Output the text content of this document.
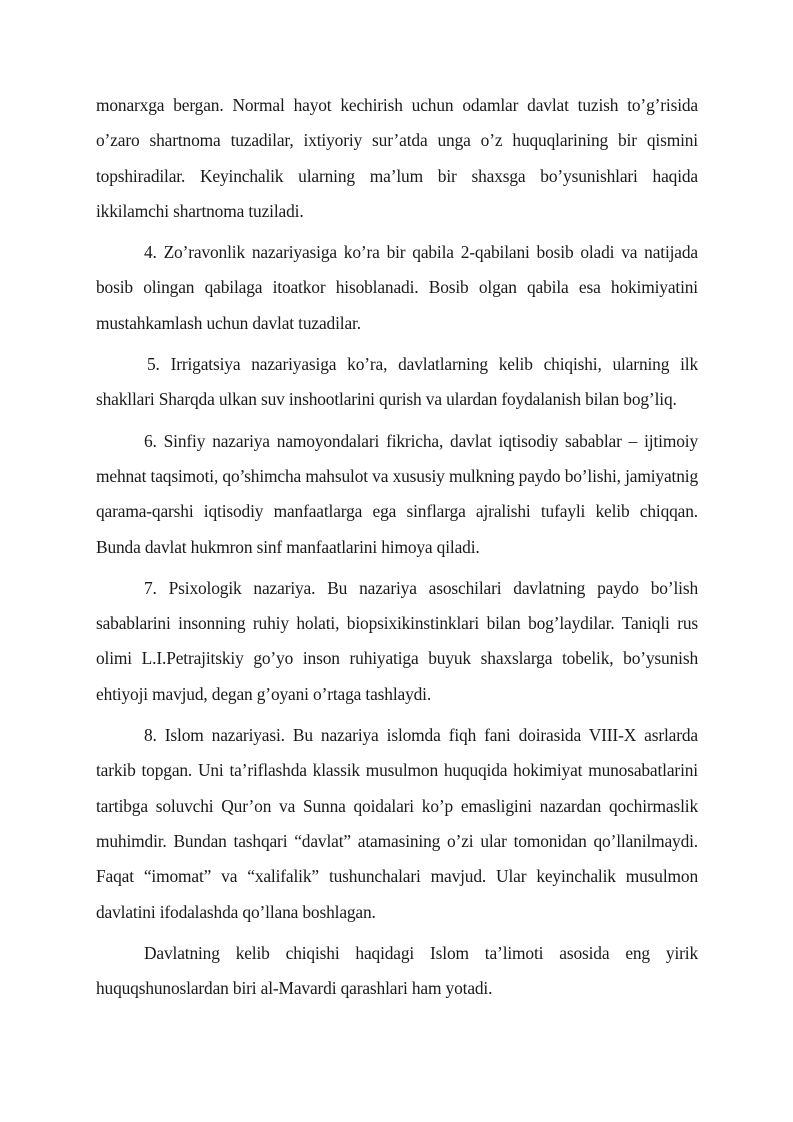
monarxga bergan. Normal hayot kechirish uchun odamlar davlat tuzish to’g’risida o’zaro shartnoma tuzadilar, ixtiyoriy sur’atda unga o’z huquqlarining bir qismini topshiradilar. Keyinchalik ularning ma’lum bir shaxsga bo’ysunishlari haqida ikkilamchi shartnoma tuziladi.

4. Zo’ravonlik nazariyasiga ko’ra bir qabila 2-qabilani bosib oladi va natijada bosib olingan qabilaga itoatkor hisoblanadi. Bosib olgan qabila esa hokimiyatini mustahkamlash uchun davlat tuzadilar.

5. Irrigatsiya nazariyasiga ko’ra, davlatlarning kelib chiqishi, ularning ilk shakllari Sharqda ulkan suv inshootlarini qurish va ulardan foydalanish bilan bog’liq.

6. Sinfiy nazariya namoyondalari fikricha, davlat iqtisodiy sabablar – ijtimoiy mehnat taqsimoti, qo’shimcha mahsulot va xususiy mulkning paydo bo’lishi, jamiyatnig qarama-qarshi iqtisodiy manfaatlarga ega sinflarga ajralishi tufayli kelib chiqqan. Bunda davlat hukmron sinf manfaatlarini himoya qiladi.

7. Psixologik nazariya. Bu nazariya asoschilari davlatning paydo bo’lish sabablarini insonning ruhiy holati, biopsixikinstinklari bilan bog’laydilar. Taniqli rus olimi L.I.Petrajitskiy go’yo inson ruhiyatiga buyuk shaxslarga tobelik, bo’ysunish ehtiyoji mavjud, degan g’oyani o’rtaga tashlaydi.

8. Islom nazariyasi. Bu nazariya islomda fiqh fani doirasida VIII-X asrlarda tarkib topgan. Uni ta’riflashda klassik musulmon huquqida hokimiyat munosabatlarini tartibga soluvchi Qur’on va Sunna qoidalari ko’p emasligini nazardan qochirmaslik muhimdir. Bundan tashqari “davlat” atamasining o’zi ular tomonidan qo’llanilmaydi. Faqat “imomat” va “xalifalik” tushunchalari mavjud. Ular keyinchalik musulmon davlatini ifodalashda qo’llana boshlagan.

Davlatning kelib chiqishi haqidagi Islom ta’limoti asosida eng yirik huquqshunoslardan biri al-Mavardi qarashlari ham yotadi.
